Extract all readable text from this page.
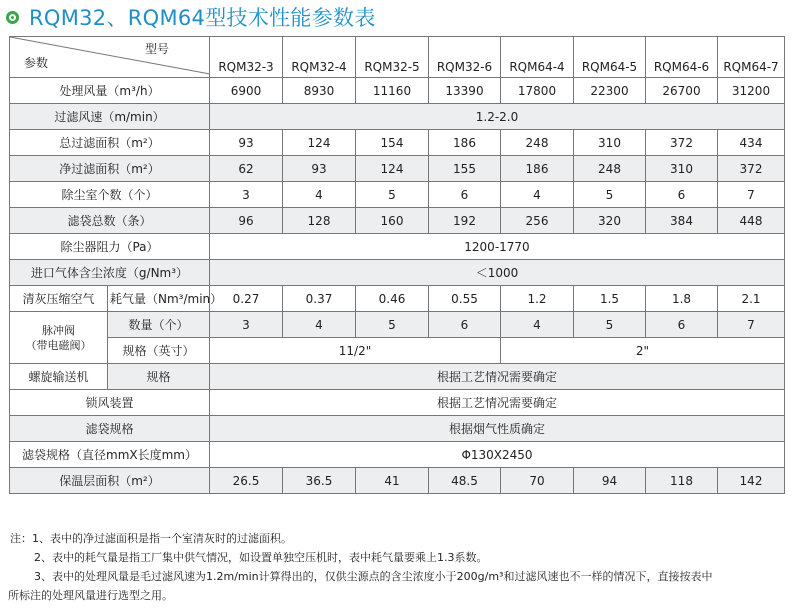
RQM32、RQM64型技术性能参数表
型号
参数		RQM32-3	RQM32-4	RQM32-5	RQM32-6	RQM64-4	RQM64-5	RQM64-6	RQM64-7
处理风量（m³/h）		6900	8930	11160	13390	17800	22300	26700	31200
过滤风速（m/min）		1.2-2.0							
总过滤面积（m²）		93	124	154	186	248	310	372	434
净过滤面积（m²）		62	93	124	155	186	248	310	372
除尘室个数（个）		3	4	5	6	4	5	6	7
滤袋总数（条）		96	128	160	192	256	320	384	448
除尘器阻力（Pa）		1200-1770							
进口气体含尘浓度（g/Nm³）		＜1000							
清灰压缩空气	耗气量（Nm³/min）	0.27	0.37	0.46	0.55	1.2	1.5	1.8	2.1

脉冲阀
（带电磁阀）	数量（个）	3	4	5	6	4	5	6	7
	规格（英寸）	11/2"				2"			
螺旋输送机	规格	根据工艺情况需要确定							
锁风装置		根据工艺情况需要确定							
滤袋规格		根据烟气性质确定							
滤袋规格（直径mmX长度mm）		Φ130X2450							
保温层面积（m²）		26.5	36.5	41	48.5	70	94	118	142
注：1、表中的净过滤面积是指一个室清灰时的过滤面积。
2、表中的耗气量是指工厂集中供气情况，如设置单独空压机时，表中耗气量要乘上1.3系数。
3、表中的处理风量是毛过滤风速为1.2m/min计算得出的，仅供尘源点的含尘浓度小于200g/m³和过滤风速也不一样的情况下，直接按表中
所标注的处理风量进行选型之用。
